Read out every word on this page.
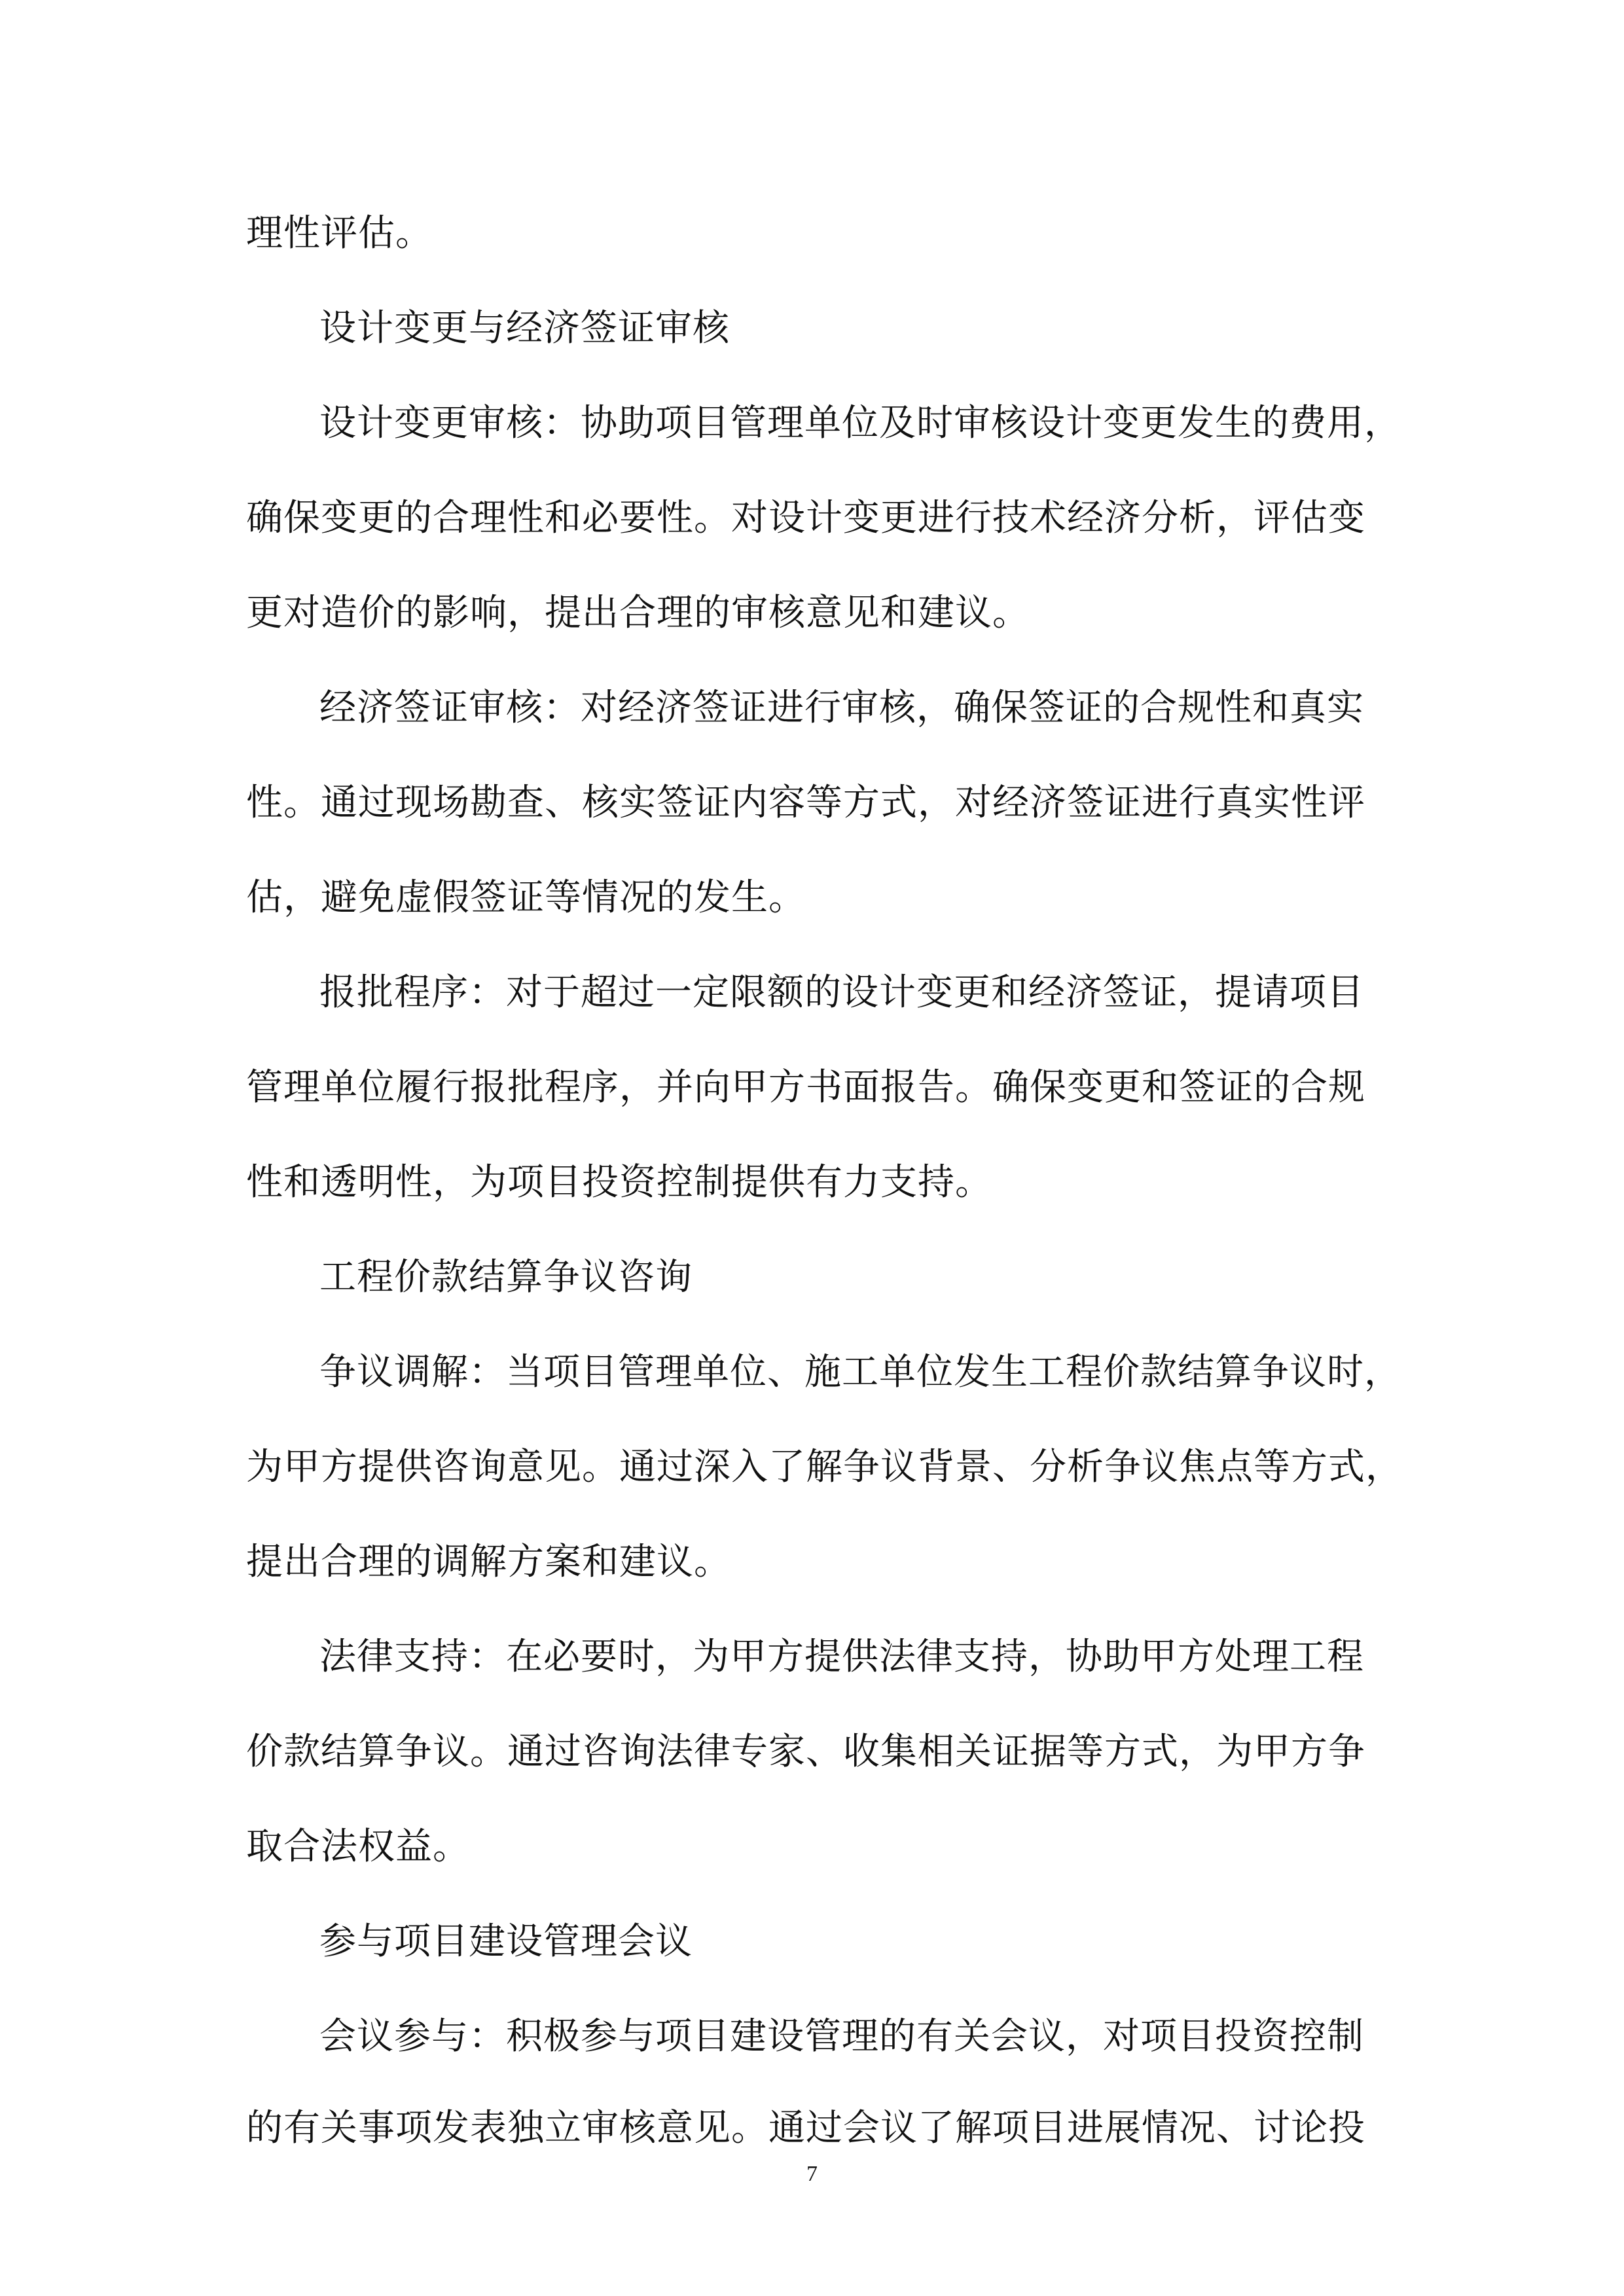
理性评估。
设计变更与经济签证审核
设计变更审核：协助项目管理单位及时审核设计变更发生的费用，
确保变更的合理性和必要性。对设计变更进行技术经济分析，评估变
更对造价的影响，提出合理的审核意见和建议。
经济签证审核：对经济签证进行审核，确保签证的合规性和真实
性。通过现场勘查、核实签证内容等方式，对经济签证进行真实性评
估，避免虚假签证等情况的发生。
报批程序：对于超过一定限额的设计变更和经济签证，提请项目
管理单位履行报批程序，并向甲方书面报告。确保变更和签证的合规
性和透明性，为项目投资控制提供有力支持。
工程价款结算争议咨询
争议调解：当项目管理单位、施工单位发生工程价款结算争议时，
为甲方提供咨询意见。通过深入了解争议背景、分析争议焦点等方式，
提出合理的调解方案和建议。
法律支持：在必要时，为甲方提供法律支持，协助甲方处理工程
价款结算争议。通过咨询法律专家、收集相关证据等方式，为甲方争
取合法权益。
参与项目建设管理会议
会议参与：积极参与项目建设管理的有关会议，对项目投资控制
的有关事项发表独立审核意见。通过会议了解项目进展情况、讨论投
7
